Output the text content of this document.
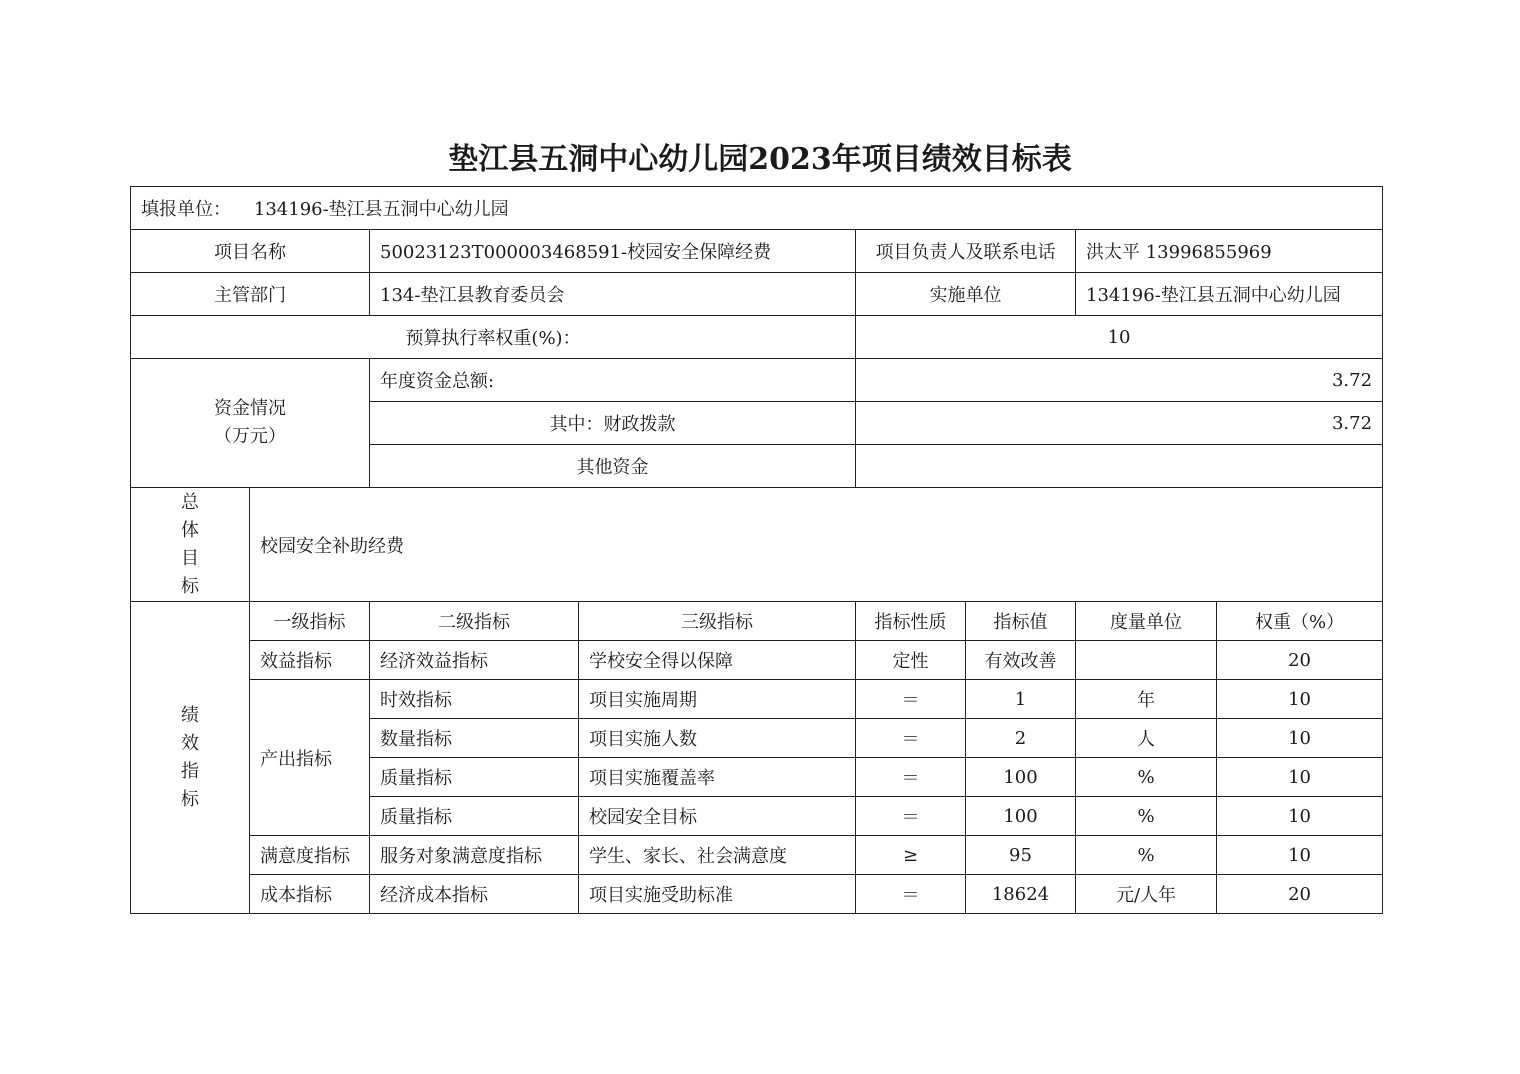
垫江县五洞中心幼儿园2023年项目绩效目标表
填报单位： 134196-垫江县五洞中心幼儿园							
项目名称		50023123T000003468591-校园安全保障经费		项目负责人及联系电话		洪太平 13996855969	
主管部门		134-垫江县教育委员会		实施单位		134196-垫江县五洞中心幼儿园	
预算执行率权重(%)：				10			

资金情况
（万元）		年度资金总额:		3.72			
		其中：财政拨款		3.72			
		其他资金					

总
体
目
标	校园安全补助经费						

绩
效
指
标	一级指标	二级指标	三级指标	指标性质	指标值	度量单位	权重（%）
	效益指标	经济效益指标	学校安全得以保障	定性	有效改善		20
	产出指标	时效指标	项目实施周期	＝	1	年	10
		数量指标	项目实施人数	＝	2	人	10
		质量指标	项目实施覆盖率	＝	100	%	10
		质量指标	校园安全目标	＝	100	%	10
	满意度指标	服务对象满意度指标	学生、家长、社会满意度	≥	95	%	10
	成本指标	经济成本指标	项目实施受助标准	＝	18624	元/人年	20
